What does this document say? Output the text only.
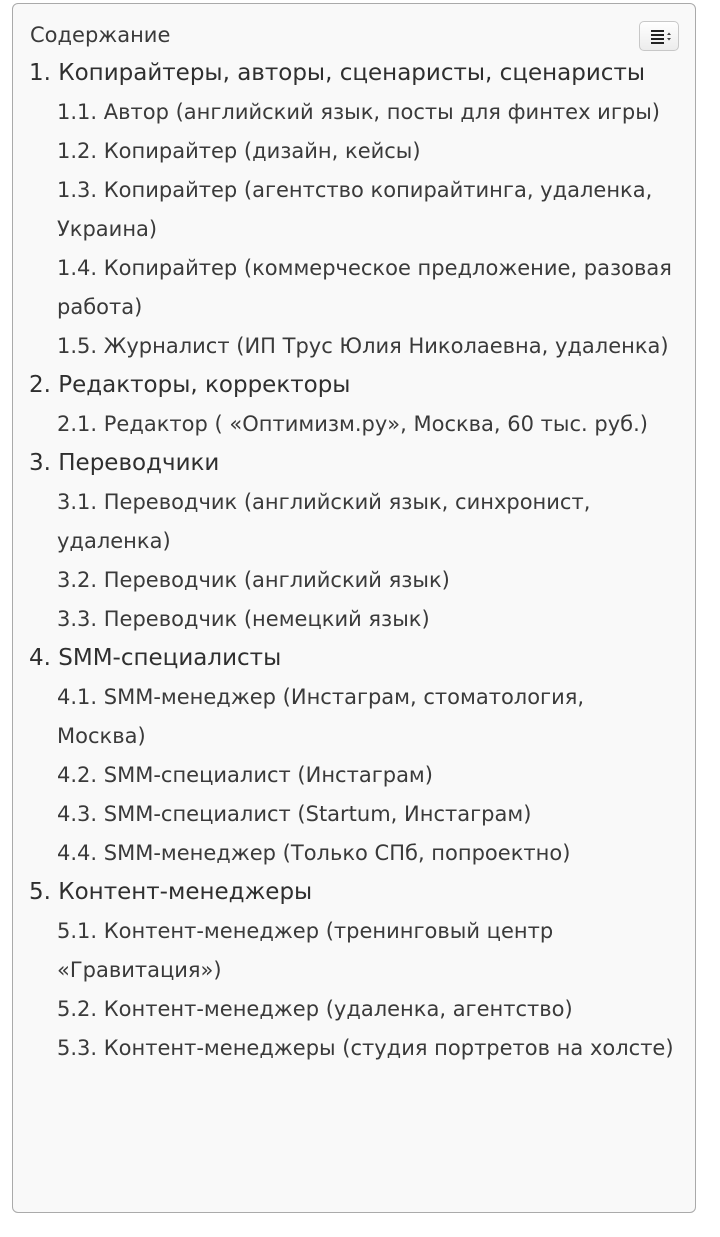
Содержание
1. Копирайтеры, авторы, сценаристы, сценаристы
1.1. Автор (английский язык, посты для финтех игры)
1.2. Копирайтер (дизайн, кейсы)
1.3. Копирайтер (агентство копирайтинга, удаленка, Украина)
1.4. Копирайтер (коммерческое предложение, разовая работа)
1.5. Журналист (ИП Трус Юлия Николаевна, удаленка)
2. Редакторы, корректоры
2.1. Редактор ( «Оптимизм.ру», Москва, 60 тыс. руб.)
3. Переводчики
3.1. Переводчик (английский язык, синхронист, удаленка)
3.2. Переводчик (английский язык)
3.3. Переводчик (немецкий язык)
4. SMM-специалисты
4.1. SMM-менеджер (Инстаграм, стоматология, Москва)
4.2. SMM-специалист (Инстаграм)
4.3. SMM-специалист (Startum, Инстаграм)
4.4. SMM-менеджер (Только СПб, попроектно)
5. Контент-менеджеры
5.1. Контент-менеджер (тренинговый центр «Гравитация»)
5.2. Контент-менеджер (удаленка, агентство)
5.3. Контент-менеджеры (студия портретов на холсте)
